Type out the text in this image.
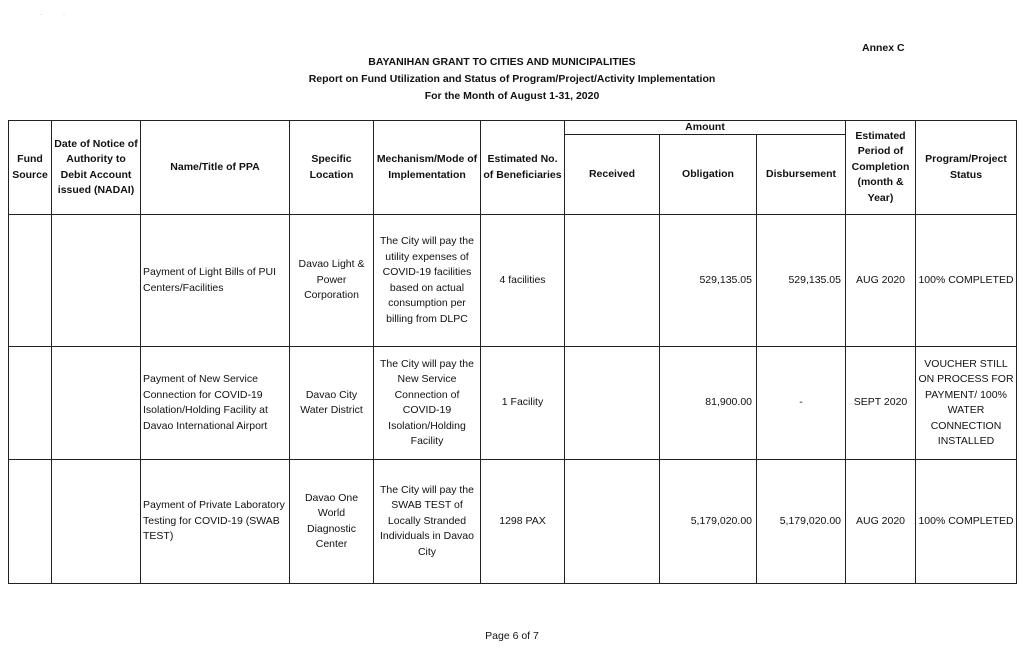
·         ·
Annex C
BAYANIHAN GRANT TO CITIES AND MUNICIPALITIES
Report on Fund Utilization and Status of Program/Project/Activity Implementation
For the Month of August 1-31, 2020
Fund Source	Date of Notice of Authority to Debit Account issued (NADAI)	Name/Title of PPA	Specific Location	Mechanism/Mode of Implementation	Estimated No. of Beneficiaries	Amount			Estimated Period of Completion (month & Year)	Program/Project Status
						Received	Obligation	Disbursement		
		Payment of Light Bills of PUI Centers/Facilities	Davao Light & Power Corporation	The City will pay the utility expenses of COVID-19 facilities based on actual consumption per billing from DLPC	4 facilities		529,135.05	529,135.05	AUG 2020	100% COMPLETED
		Payment of New Service Connection for COVID-19 Isolation/Holding Facility at Davao International Airport	Davao City Water District	The City will pay the New Service Connection of COVID-19 Isolation/Holding Facility	1 Facility		81,900.00	-	SEPT 2020	VOUCHER STILL ON PROCESS FOR PAYMENT/ 100% WATER CONNECTION INSTALLED
		Payment of Private Laboratory Testing for COVID-19 (SWAB TEST)	Davao One World Diagnostic Center	The City will pay the SWAB TEST of Locally Stranded Individuals in Davao City	1298 PAX		5,179,020.00	5,179,020.00	AUG 2020	100% COMPLETED
Page 6 of 7
